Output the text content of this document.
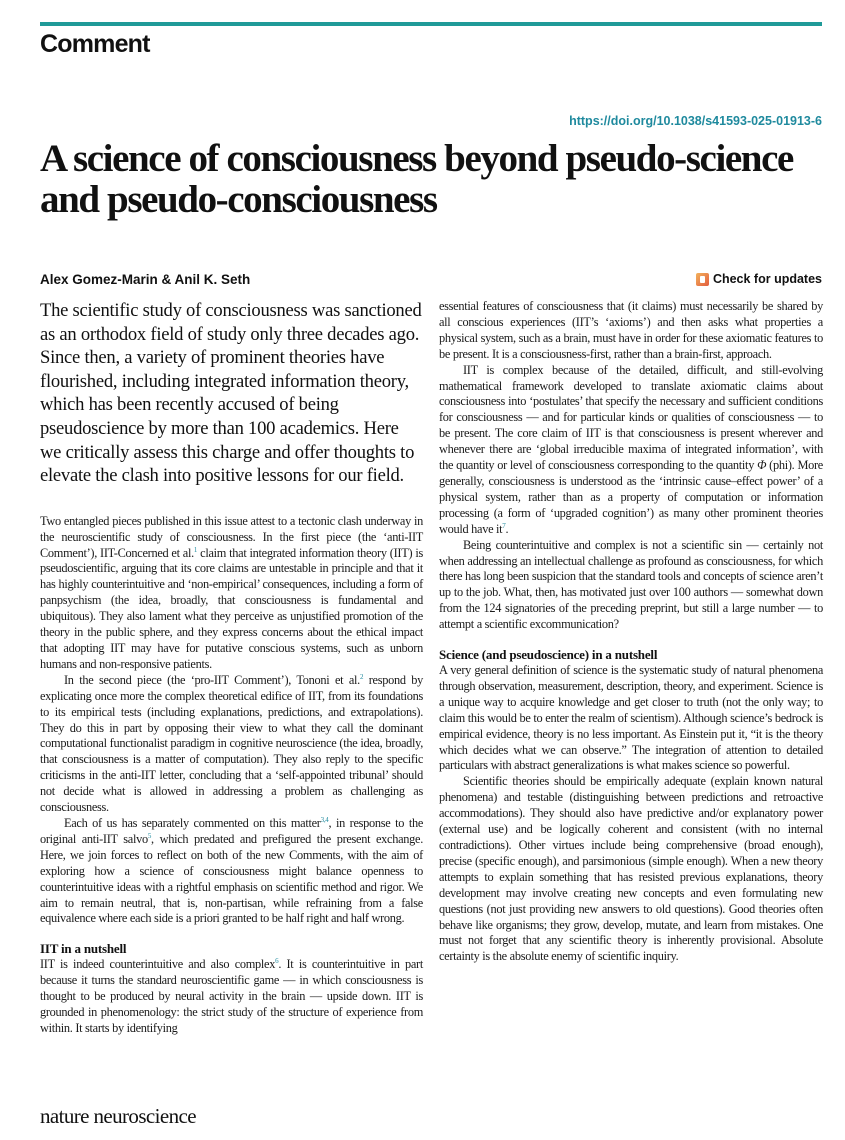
Comment
https://doi.org/10.1038/s41593-025-01913-6
A science of consciousness beyond pseudo-science and pseudo-consciousness
Alex Gomez-Marin & Anil K. Seth	Check for updates

The scientific study of consciousness was sanctioned as an orthodox field of study only three decades ago. Since then, a variety of prominent theories have flourished, including integrated information theory, which has been recently accused of being pseudoscience by more than 100 academics. Here we critically assess this charge and offer thoughts to elevate the clash into positive lessons for our field.

Two entangled pieces published in this issue attest to a tectonic clash underway in the neuroscientific study of consciousness. In the first piece (the ‘anti-IIT Comment’), IIT-Concerned et al.$^1$ claim that integrated information theory (IIT) is pseudoscientific, arguing that its core claims are untestable in principle and that it has highly counterintuitive and ‘non-empirical’ consequences, including a form of panpsychism (the idea, broadly, that consciousness is fundamental and ubiquitous). They also lament what they perceive as unjustified promotion of the theory in the public sphere, and they express concerns about the ethical impact that adopting IIT may have for putative conscious systems, such as unborn humans and non-responsive patients.

In the second piece (the ‘pro-IIT Comment’), Tononi et al.$^2$ respond by explicating once more the complex theoretical edifice of IIT, from its foundations to its empirical tests (including explanations, predictions, and extrapolations). They do this in part by opposing their view to what they call the dominant computational functionalist paradigm in cognitive neuroscience (the idea, broadly, that consciousness is a matter of computation). They also reply to the specific criticisms in the anti-IIT letter, concluding that a ‘self-appointed tribunal’ should not decide what is allowed in addressing a problem as challenging as consciousness.

Each of us has separately commented on this matter$^{3,4}$, in response to the original anti-IIT salvo$^5$, which predated and prefigured the present exchange. Here, we join forces to reflect on both of the new Comments, with the aim of exploring how a science of consciousness might balance openness to counterintuitive ideas with a rightful emphasis on scientific method and rigor. We aim to remain neutral, that is, non-partisan, while refraining from a false equivalence where each side is a priori granted to be half right and half wrong.

IIT in a nutshell

IIT is indeed counterintuitive and also complex$^6$. It is counterintuitive in part because it turns the standard neuroscientific game — in which consciousness is thought to be produced by neural activity in the brain — upside down. IIT is grounded in phenomenology: the strict study of the structure of experience from within. It starts by identifying

essential features of consciousness that (it claims) must necessarily be shared by all conscious experiences (IIT’s ‘axioms’) and then asks what properties a physical system, such as a brain, must have in order for these axiomatic features to be present. It is a consciousness-first, rather than a brain-first, approach.

IIT is complex because of the detailed, difficult, and still-evolving mathematical framework developed to translate axiomatic claims about consciousness into ‘postulates’ that specify the necessary and sufficient conditions for consciousness — and for particular kinds or qualities of consciousness — to be present. The core claim of IIT is that consciousness is present wherever and whenever there are ‘global irreducible maxima of integrated information’, with the quantity or level of consciousness corresponding to the quantity Φ (phi). More generally, consciousness is understood as the ‘intrinsic cause–effect power’ of a physical system, rather than as a property of computation or information processing (a form of ‘upgraded cognition’) as many other prominent theories would have $it^7$.

Being counterintuitive and complex is not a scientific sin — certainly not when addressing an intellectual challenge as profound as consciousness, for which there has long been suspicion that the standard tools and concepts of science aren’t up to the job. What, then, has motivated just over 100 authors — somewhat down from the 124 signatories of the preceding preprint, but still a large number — to attempt a scientific excommunication?

Science (and pseudoscience) in a nutshell

A very general definition of science is the systematic study of natural phenomena through observation, measurement, description, theory, and experiment. Science is a unique way to acquire knowledge and get closer to truth (not the only way; to claim this would be to enter the realm of scientism). Although science’s bedrock is empirical evidence, theory is no less important. As Einstein put it, “it is the theory which decides what we can observe.” The integration of attention to detailed particulars with abstract generalizations is what makes science so powerful.

Scientific theories should be empirically adequate (explain known natural phenomena) and testable (distinguishing between predictions and retroactive accommodations). They should also have predictive and/or explanatory power (external use) and be logically coherent and consistent (with no internal contradictions). Other virtues include being comprehensive (broad enough), precise (specific enough), and parsimonious (simple enough). When a new theory attempts to explain something that has resisted previous explanations, theory development may involve creating new concepts and even formulating new questions (not just providing new answers to old questions). Good theories often behave like organisms; they grow, develop, mutate, and learn from mistakes. One must not forget that any scientific theory is inherently provisional. Absolute certainty is the absolute enemy of scientific inquiry.

nature neuroscience
